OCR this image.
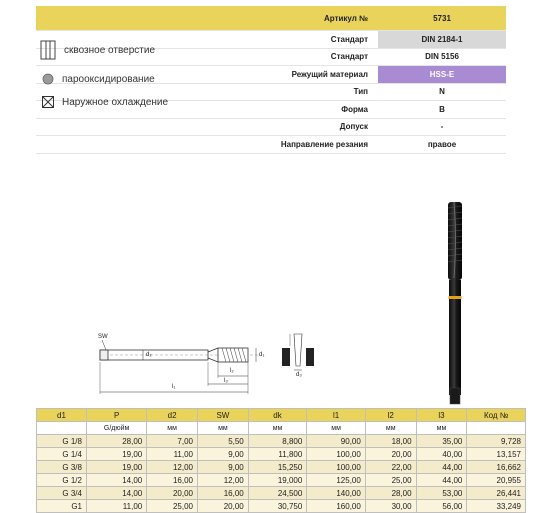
Артикул №	5731
Стандарт	DIN 2184-1
Стандарт	DIN 5156
Режущий материал	HSS-E
Тип	N
Форма	B
Допуск	-
Направление резания	правое
сквозное отверстие
парооксидирование
Наружное охлаждение
SW
d₂	d₁
d₃
l₁
l₂
l₃
d1	P	d2	SW	dk	l1	l2	l3	Код №
	G/дюйм	мм	мм	мм	мм	мм	мм	
G 1/8	28,00	7,00	5,50	8,800	90,00	18,00	35,00	9,728
G 1/4	19,00	11,00	9,00	11,800	100,00	20,00	40,00	13,157
G 3/8	19,00	12,00	9,00	15,250	100,00	22,00	44,00	16,662
G 1/2	14,00	16,00	12,00	19,000	125,00	25,00	44,00	20,955
G 3/4	14,00	20,00	16,00	24,500	140,00	28,00	53,00	26,441
G1	11,00	25,00	20,00	30,750	160,00	30,00	56,00	33,249
